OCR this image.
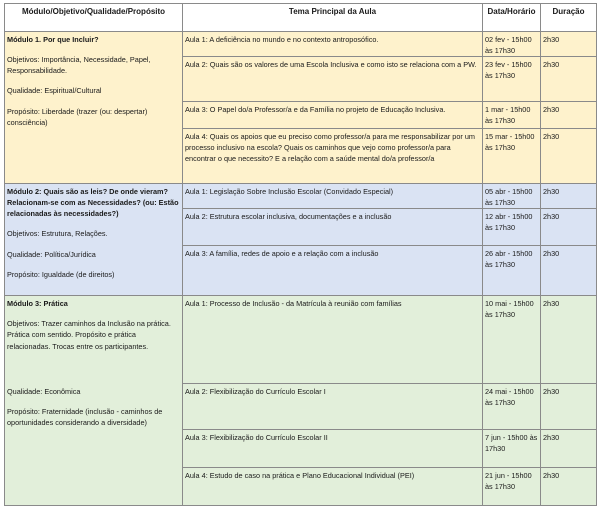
Módulo/Objetivo/Qualidade/Propósito	Tema Principal da Aula	Data/Horário	Duração

Módulo 1. Por que Incluir?

Objetivos: Importância, Necessidade, Papel, Responsabilidade.

Qualidade: Espiritual/Cultural

Propósito: Liberdade (trazer (ou: despertar) consciência)	Aula 1: A deficiência no mundo e no contexto antroposófico.	02 fev - 15h00 às 17h30	2h30
	Aula 2: Quais são os valores de uma Escola Inclusiva e como isto se relaciona com a PW.	23 fev - 15h00 às 17h30	2h30
	Aula 3: O Papel do/a Professor/a e da Família no projeto de Educação Inclusiva.	1 mar - 15h00 às 17h30	2h30
	Aula 4: Quais os apoios que eu preciso como professor/a para me responsabilizar por um processo inclusivo na escola? Quais os caminhos que vejo como professor/a para encontrar o que necessito? E a relação com a saúde mental do/a professor/a	15 mar - 15h00 às 17h30	2h30

Módulo 2: Quais são as leis? De onde vieram? Relacionam-se com as Necessidades? (ou: Estão relacionadas às necessidades?)

Objetivos: Estrutura, Relações.

Qualidade: Política/Jurídica

Propósito: Igualdade (de direitos)	Aula 1: Legislação Sobre Inclusão Escolar (Convidado Especial)	05 abr - 15h00 às 17h30	2h30
	Aula 2: Estrutura escolar inclusiva, documentações e a inclusão	12 abr - 15h00 às 17h30	2h30
	Aula 3: A família, redes de apoio e a relação com a inclusão	26 abr - 15h00 às 17h30	2h30

Módulo 3: Prática

Objetivos: Trazer caminhos da Inclusão na prática. Prática com sentido. Propósito e prática relacionadas. Trocas entre os participantes.

Qualidade: Econômica

Propósito: Fraternidade (inclusão - caminhos de oportunidades considerando a diversidade)	Aula 1: Processo de Inclusão - da Matrícula à reunião com famílias	10 mai - 15h00 às 17h30	2h30
	Aula 2: Flexibilização do Currículo Escolar I	24 mai - 15h00 às 17h30	2h30
	Aula 3: Flexibilização do Currículo Escolar II	7 jun - 15h00 às 17h30	2h30
	Aula 4: Estudo de caso na prática e Plano Educacional Individual (PEI)	21 jun - 15h00 às 17h30	2h30
